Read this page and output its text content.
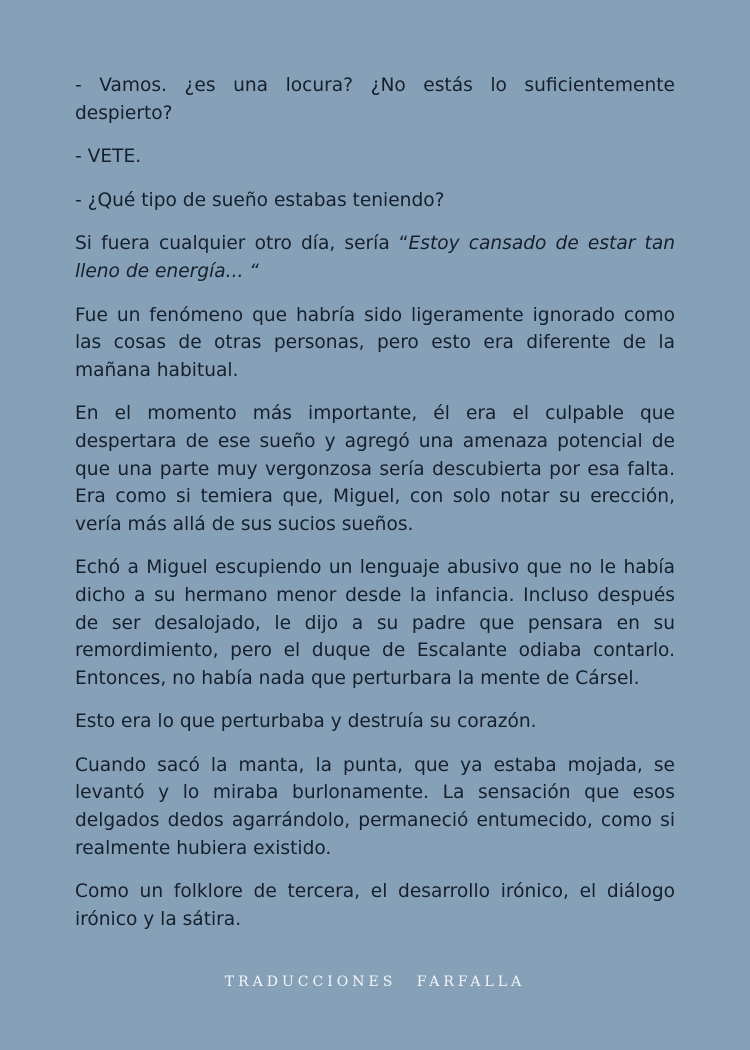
- Vamos. ¿es una locura? ¿No estás lo suficientemente despierto?

- VETE.

- ¿Qué tipo de sueño estabas teniendo?

Si fuera cualquier otro día, sería “Estoy cansado de estar tan lleno de energía... “

Fue un fenómeno que habría sido ligeramente ignorado como las cosas de otras personas, pero esto era diferente de la mañana habitual.

En el momento más importante, él era el culpable que despertara de ese sueño y agregó una amenaza potencial de que una parte muy vergonzosa sería descubierta por esa falta. Era como si temiera que, Miguel, con solo notar su erección, vería más allá de sus sucios sueños.

Echó a Miguel escupiendo un lenguaje abusivo que no le había dicho a su hermano menor desde la infancia. Incluso después de ser desalojado, le dijo a su padre que pensara en su remordimiento, pero el duque de Escalante odiaba contarlo. Entonces, no había nada que perturbara la mente de Cársel.

Esto era lo que perturbaba y destruía su corazón.

Cuando sacó la manta, la punta, que ya estaba mojada, se levantó y lo miraba burlonamente. La sensación que esos delgados dedos agarrándolo, permaneció entumecido, como si realmente hubiera existido.

Como un folklore de tercera, el desarrollo irónico, el diálogo irónico y la sátira.

TRADUCCIONES FARFALLA
